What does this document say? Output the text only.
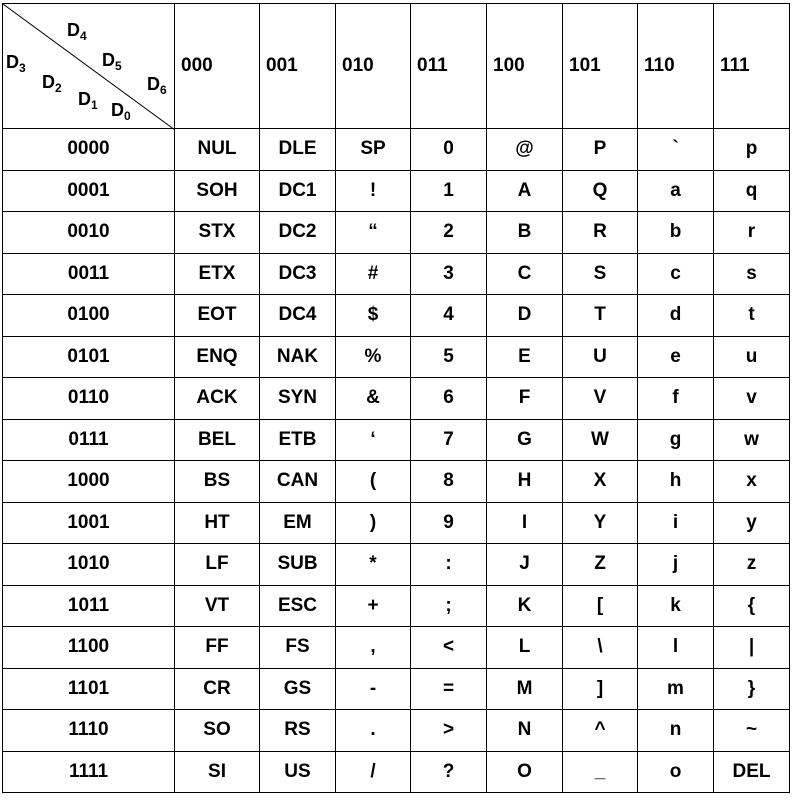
$D_4$
$D_5$
$D_6$
$D_3$
$D_2$
$D_1$ $D_0$
	000	001	010	011	100	101	110	111
0000	NUL	DLE	SP	0	@	P	`	p
0001	SOH	DC1	!	1	A	Q	a	q
0010	STX	DC2	“	2	B	R	b	r
0011	ETX	DC3	#	3	C	S	c	s
0100	EOT	DC4	$	4	D	T	d	t
0101	ENQ	NAK	%	5	E	U	e	u
0110	ACK	SYN	&	6	F	V	f	v
0111	BEL	ETB	‘	7	G	W	g	w
1000	BS	CAN	(	8	H	X	h	x
1001	HT	EM	)	9	I	Y	i	y
1010	LF	SUB	*	:	J	Z	j	z
1011	VT	ESC	+	;	K	[	k	{
1100	FF	FS	,	<	L	\	l	|
1101	CR	GS	-	=	M	]	m	}
1110	SO	RS	.	>	N	^	n	~
1111	SI	US	/	?	O	_	o	DEL
